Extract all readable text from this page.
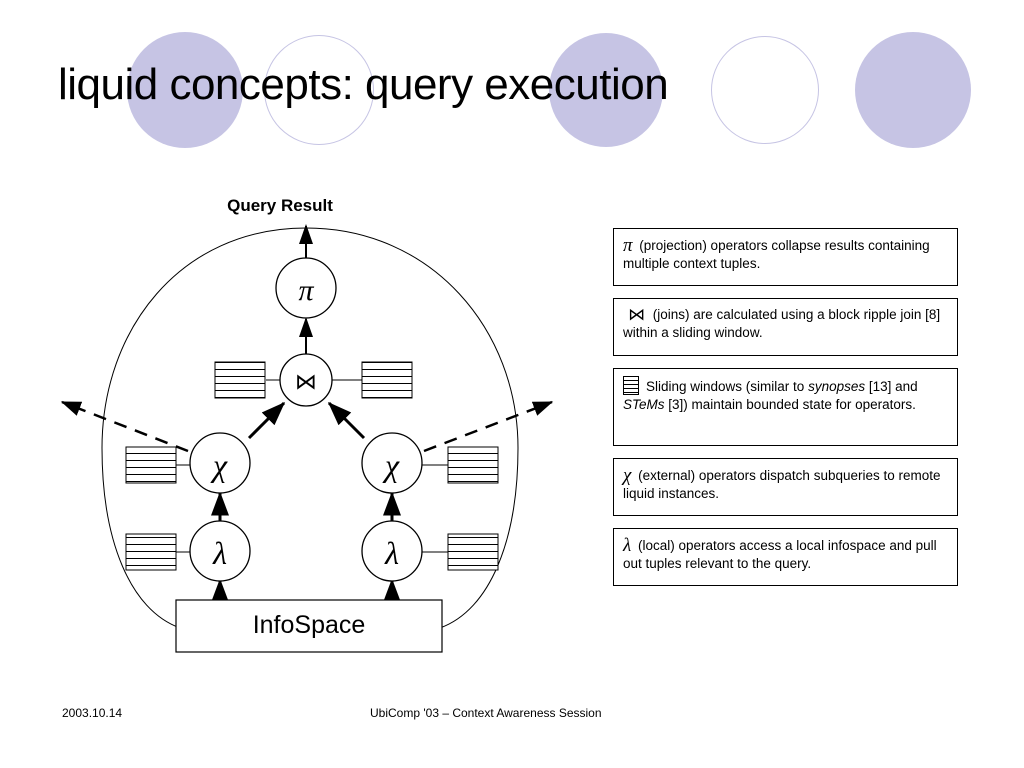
liquid concepts: query execution
π
⋈
χ	χ
λ	λ
Query Result
InfoSpace
π (projection) operators collapse results containing multiple context tuples.
⋈ (joins) are calculated using a block ripple join [8] within a sliding window.
Sliding windows (similar to synopses [13] and STeMs [3]) maintain bounded state for operators.
χ (external) operators dispatch subqueries to remote liquid instances.
λ (local) operators access a local infospace and pull out tuples relevant to the query.
2003.10.14	UbiComp '03 – Context Awareness Session
